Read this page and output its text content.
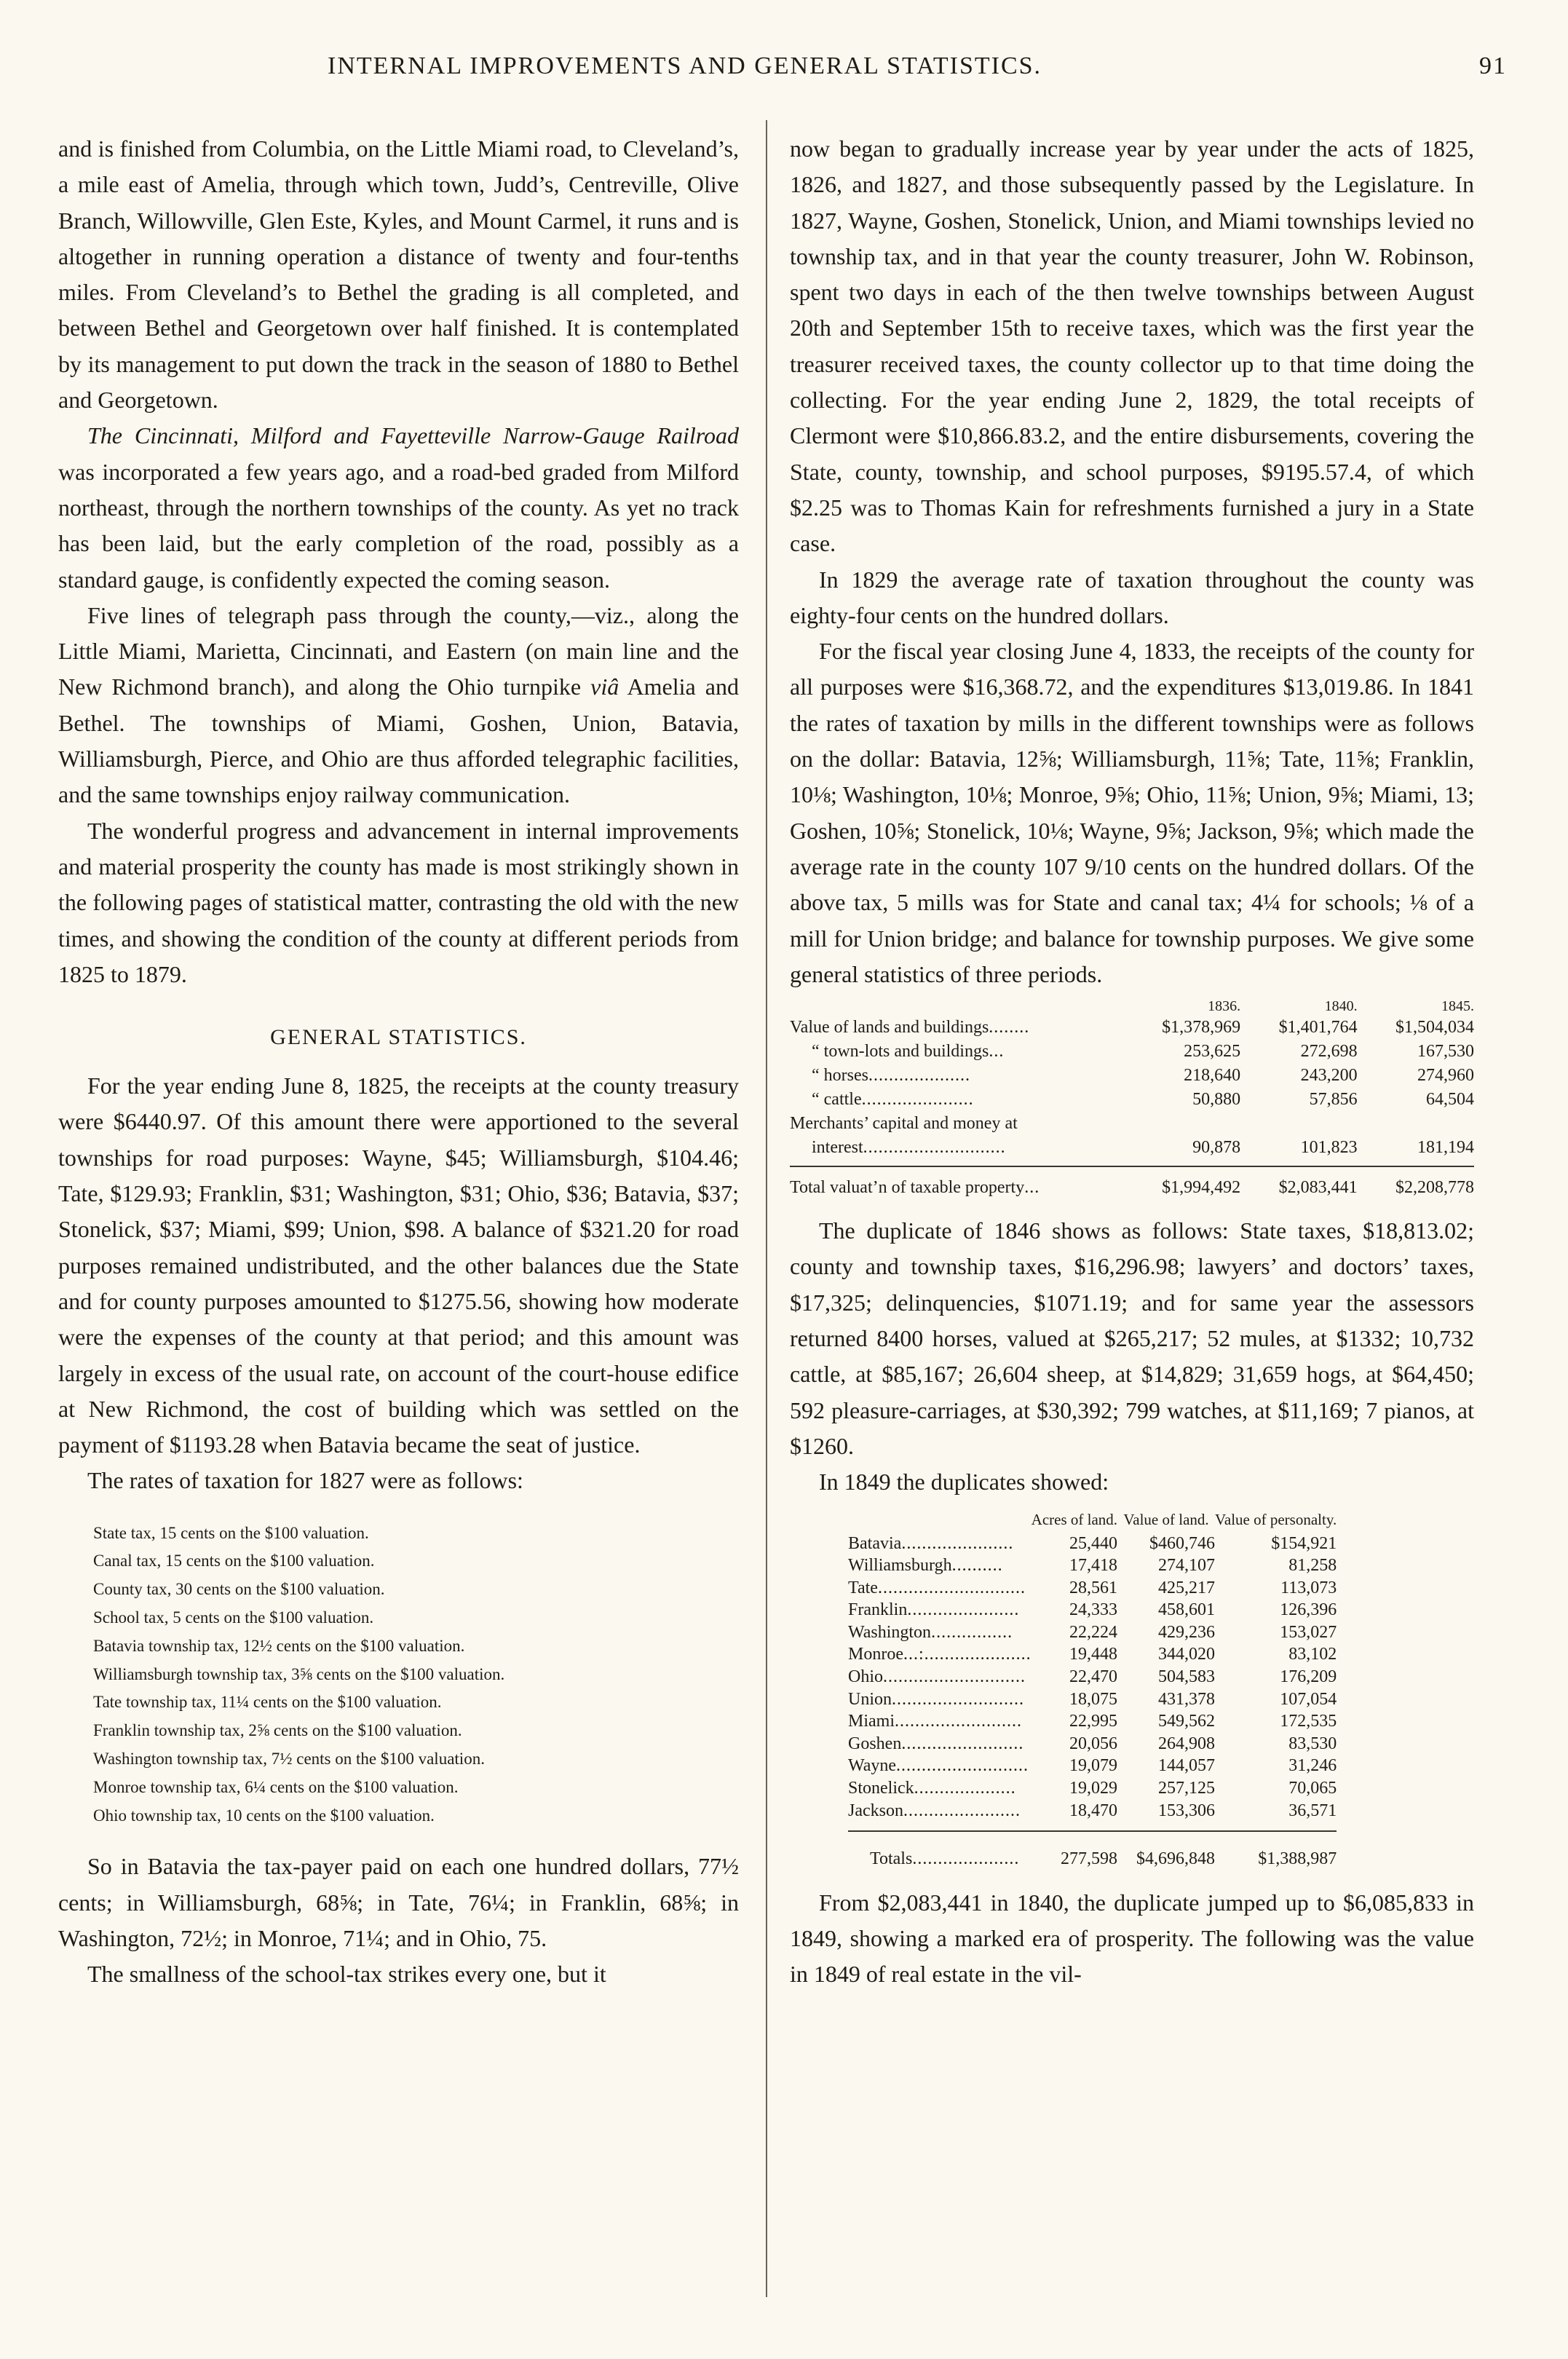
INTERNAL IMPROVEMENTS AND GENERAL STATISTICS.	91

and is finished from Columbia, on the Little Miami road, to Cleveland’s, a mile east of Amelia, through which town, Judd’s, Centreville, Olive Branch, Willowville, Glen Este, Kyles, and Mount Carmel, it runs and is altogether in running operation a distance of twenty and four-tenths miles. From Cleveland’s to Bethel the grading is all completed, and between Bethel and Georgetown over half finished. It is contemplated by its management to put down the track in the season of 1880 to Bethel and Georgetown.

The Cincinnati, Milford and Fayetteville Narrow-Gauge Railroad was incorporated a few years ago, and a road-bed graded from Milford northeast, through the northern townships of the county. As yet no track has been laid, but the early completion of the road, possibly as a standard gauge, is confidently expected the coming season.

Five lines of telegraph pass through the county,—viz., along the Little Miami, Marietta, Cincinnati, and Eastern (on main line and the New Richmond branch), and along the Ohio turnpike viâ Amelia and Bethel. The townships of Miami, Goshen, Union, Batavia, Williamsburgh, Pierce, and Ohio are thus afforded telegraphic facilities, and the same townships enjoy railway communication.

The wonderful progress and advancement in internal improvements and material prosperity the county has made is most strikingly shown in the following pages of statistical matter, contrasting the old with the new times, and showing the condition of the county at different periods from 1825 to 1879.

GENERAL STATISTICS.

For the year ending June 8, 1825, the receipts at the county treasury were $6440.97. Of this amount there were apportioned to the several townships for road purposes: Wayne, $45; Williamsburgh, $104.46; Tate, $129.93; Franklin, $31; Washington, $31; Ohio, $36; Batavia, $37; Stonelick, $37; Miami, $99; Union, $98. A balance of $321.20 for road purposes remained undistributed, and the other balances due the State and for county purposes amounted to $1275.56, showing how moderate were the expenses of the county at that period; and this amount was largely in excess of the usual rate, on account of the court-house edifice at New Richmond, the cost of building which was settled on the payment of $1193.28 when Batavia became the seat of justice.

The rates of taxation for 1827 were as follows:

State tax, 15 cents on the $100 valuation.
Canal tax, 15 cents on the $100 valuation.
County tax, 30 cents on the $100 valuation.
School tax, 5 cents on the $100 valuation.
Batavia township tax, 12½ cents on the $100 valuation.
Williamsburgh township tax, 3⅝ cents on the $100 valuation.
Tate township tax, 11¼ cents on the $100 valuation.
Franklin township tax, 2⅝ cents on the $100 valuation.
Washington township tax, 7½ cents on the $100 valuation.
Monroe township tax, 6¼ cents on the $100 valuation.
Ohio township tax, 10 cents on the $100 valuation.

So in Batavia the tax-payer paid on each one hundred dollars, 77½ cents; in Williamsburgh, 68⅝; in Tate, 76¼; in Franklin, 68⅝; in Washington, 72½; in Monroe, 71¼; and in Ohio, 75.

The smallness of the school-tax strikes every one, but it

now began to gradually increase year by year under the acts of 1825, 1826, and 1827, and those subsequently passed by the Legislature. In 1827, Wayne, Goshen, Stonelick, Union, and Miami townships levied no township tax, and in that year the county treasurer, John W. Robinson, spent two days in each of the then twelve townships between August 20th and September 15th to receive taxes, which was the first year the treasurer received taxes, the county collector up to that time doing the collecting. For the year ending June 2, 1829, the total receipts of Clermont were $10,866.83.2, and the entire disbursements, covering the State, county, township, and school purposes, $9195.57.4, of which $2.25 was to Thomas Kain for refreshments furnished a jury in a State case.

In 1829 the average rate of taxation throughout the county was eighty-four cents on the hundred dollars.

For the fiscal year closing June 4, 1833, the receipts of the county for all purposes were $16,368.72, and the expenditures $13,019.86. In 1841 the rates of taxation by mills in the different townships were as follows on the dollar: Batavia, 12⅝; Williamsburgh, 11⅝; Tate, 11⅝; Franklin, 10⅛; Washington, 10⅛; Monroe, 9⅝; Ohio, 11⅝; Union, 9⅝; Miami, 13; Goshen, 10⅝; Stonelick, 10⅛; Wayne, 9⅝; Jackson, 9⅝; which made the average rate in the county 107 9/10 cents on the hundred dollars. Of the above tax, 5 mills was for State and canal tax; 4¼ for schools; ⅛ of a mill for Union bridge; and balance for township purposes. We give some general statistics of three periods.

	1836.	1840.	1845.
Value of lands and buildings........	$1,378,969	$1,401,764	$1,504,034
“ town-lots and buildings...	253,625	272,698	167,530
“ horses....................	218,640	243,200	274,960
“ cattle......................	50,880	57,856	64,504
Merchants’ capital and money at			
interest............................	90,878	101,823	181,194

Total valuat’n of taxable property...	$1,994,492	$2,083,441	$2,208,778

The duplicate of 1846 shows as follows: State taxes, $18,813.02; county and township taxes, $16,296.98; lawyers’ and doctors’ taxes, $17,325; delinquencies, $1071.19; and for same year the assessors returned 8400 horses, valued at $265,217; 52 mules, at $1332; 10,732 cattle, at $85,167; 26,604 sheep, at $14,829; 31,659 hogs, at $64,450; 592 pleasure-carriages, at $30,392; 799 watches, at $11,169; 7 pianos, at $1260.

In 1849 the duplicates showed:

	Acres of land.	Value of land.	Value of personalty.
Batavia......................	25,440	$460,746	$154,921
Williamsburgh..........	17,418	274,107	81,258
Tate.............................	28,561	425,217	113,073
Franklin......................	24,333	458,601	126,396
Washington................	22,224	429,236	153,027
Monroe...:.....................	19,448	344,020	83,102
Ohio............................	22,470	504,583	176,209
Union..........................	18,075	431,378	107,054
Miami.........................	22,995	549,562	172,535
Goshen........................	20,056	264,908	83,530
Wayne..........................	19,079	144,057	31,246
Stonelick....................	19,029	257,125	70,065
Jackson.......................	18,470	153,306	36,571

Totals.....................	277,598	$4,696,848	$1,388,987

From $2,083,441 in 1840, the duplicate jumped up to $6,085,833 in 1849, showing a marked era of prosperity. The following was the value in 1849 of real estate in the vil-
